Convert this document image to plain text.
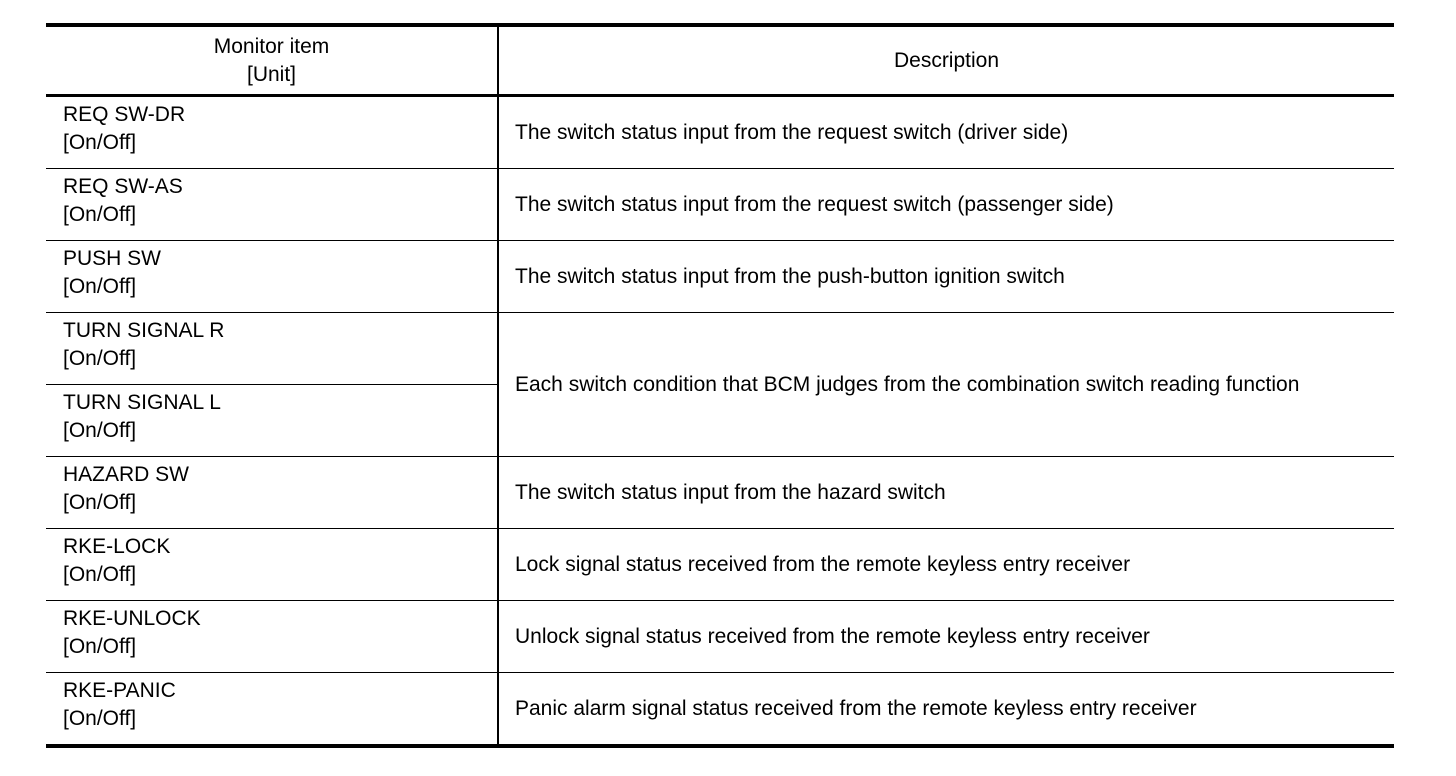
Monitor item
[Unit]	Description

REQ SW-DR
[On/Off]	The switch status input from the request switch (driver side)

REQ SW-AS
[On/Off]	The switch status input from the request switch (passenger side)

PUSH SW
[On/Off]	The switch status input from the push-button ignition switch

TURN SIGNAL R
[On/Off]	Each switch condition that BCM judges from the combination switch reading function

TURN SIGNAL L
[On/Off]	

HAZARD SW
[On/Off]	The switch status input from the hazard switch

RKE-LOCK
[On/Off]	Lock signal status received from the remote keyless entry receiver

RKE-UNLOCK
[On/Off]	Unlock signal status received from the remote keyless entry receiver

RKE-PANIC
[On/Off]	Panic alarm signal status received from the remote keyless entry receiver
